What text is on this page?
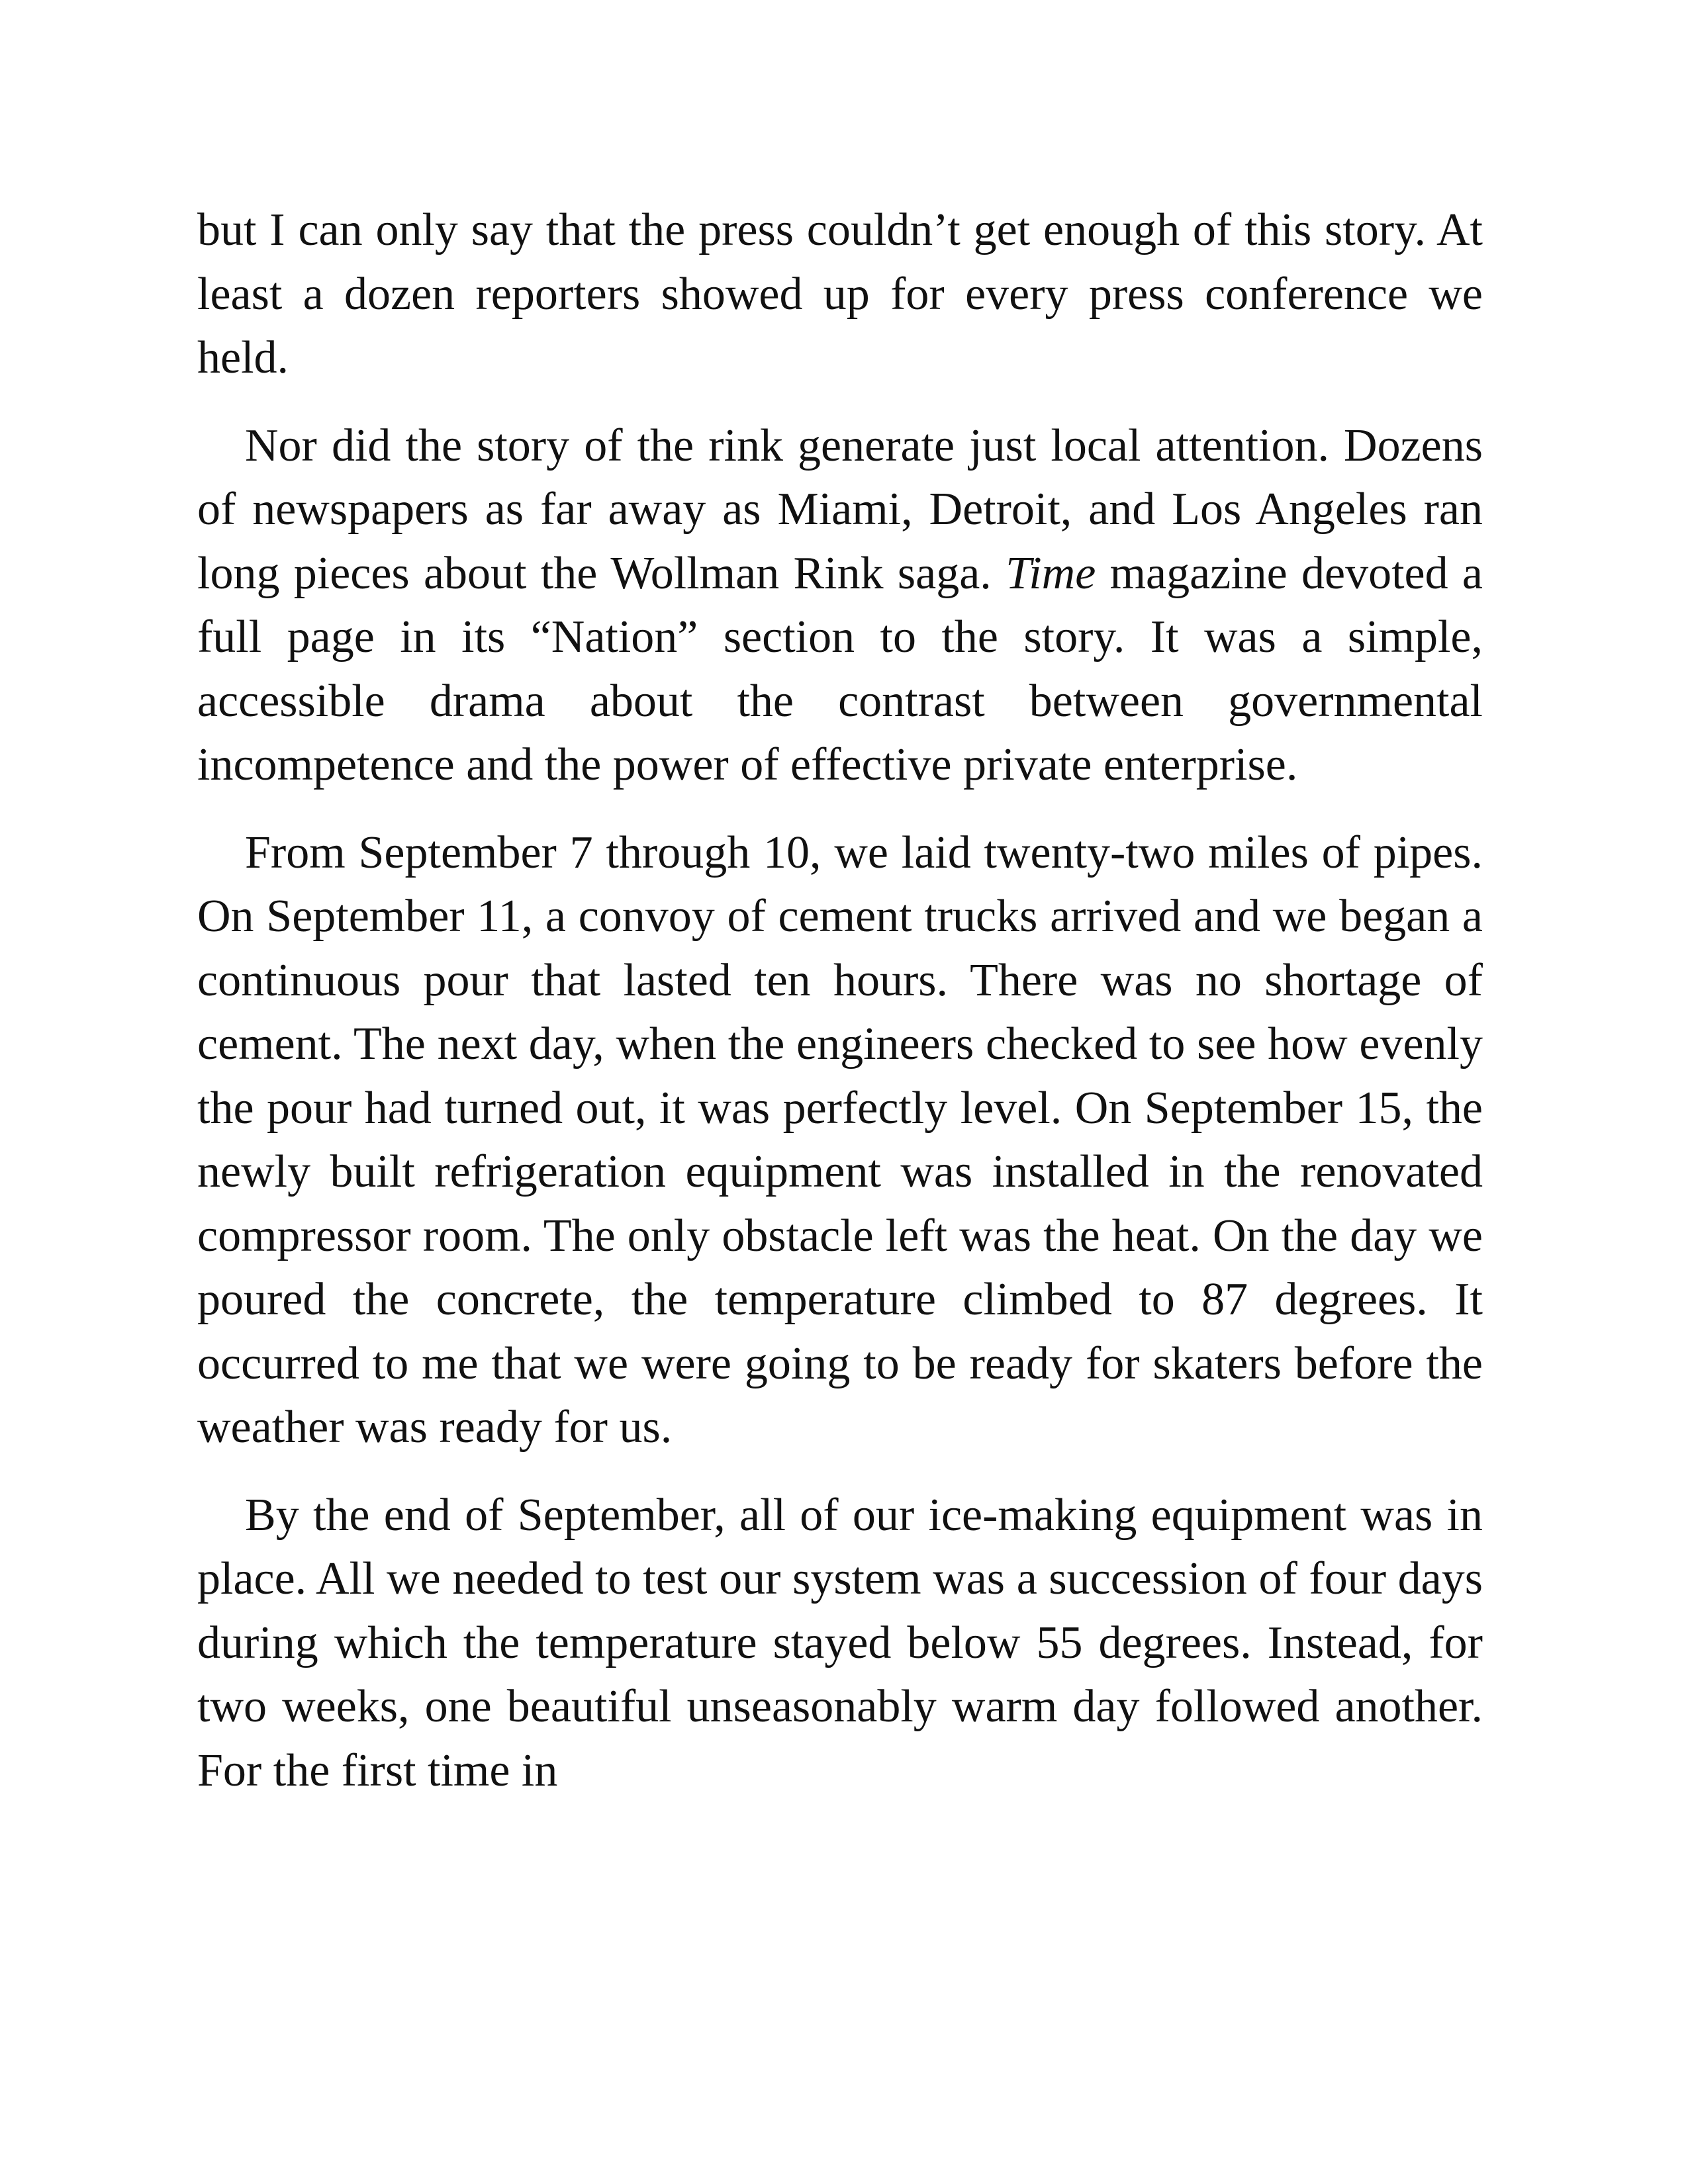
but I can only say that the press couldn’t get enough of this story. At least a dozen reporters showed up for every press conference we held.

Nor did the story of the rink generate just local attention. Dozens of newspapers as far away as Miami, Detroit, and Los Angeles ran long pieces about the Wollman Rink saga. Time magazine devoted a full page in its “Nation” section to the story. It was a simple, accessible drama about the contrast between governmental incompetence and the power of effective private enterprise.

From September 7 through 10, we laid twenty-two miles of pipes. On September 11, a convoy of cement trucks arrived and we began a continuous pour that lasted ten hours. There was no shortage of cement. The next day, when the engineers checked to see how evenly the pour had turned out, it was perfectly level. On September 15, the newly built refrigeration equipment was installed in the renovated compressor room. The only obstacle left was the heat. On the day we poured the concrete, the temperature climbed to 87 degrees. It occurred to me that we were going to be ready for skaters before the weather was ready for us.

By the end of September, all of our ice-making equipment was in place. All we needed to test our system was a succession of four days during which the temperature stayed below 55 degrees. Instead, for two weeks, one beautiful unseasonably warm day followed another. For the first time in
